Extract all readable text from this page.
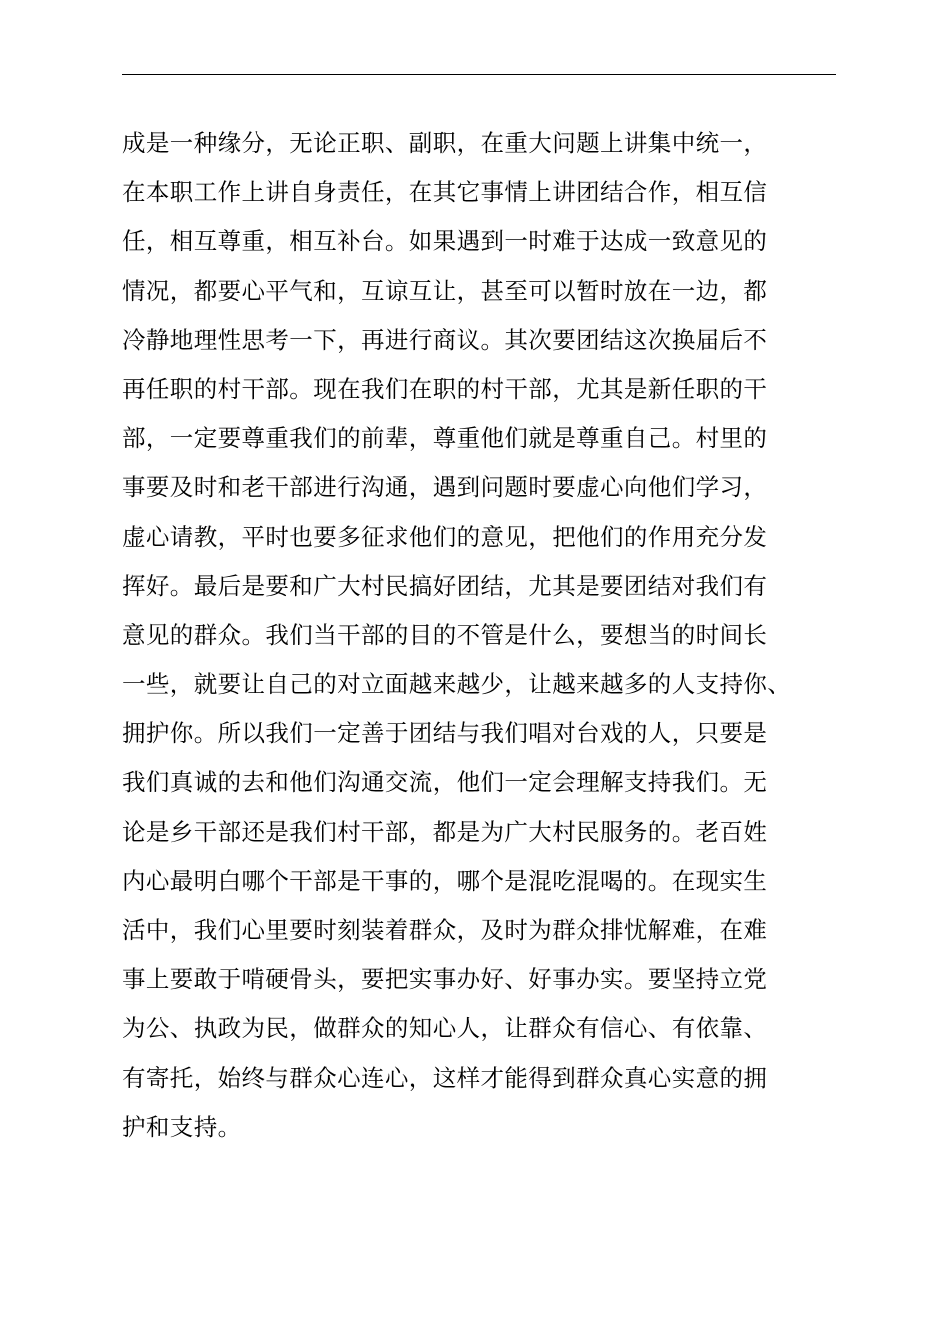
成是一种缘分，无论正职、副职，在重大问题上讲集中统一，
在本职工作上讲自身责任，在其它事情上讲团结合作，相互信
任，相互尊重，相互补台。如果遇到一时难于达成一致意见的
情况，都要心平气和，互谅互让，甚至可以暂时放在一边，都
冷静地理性思考一下，再进行商议。其次要团结这次换届后不
再任职的村干部。现在我们在职的村干部，尤其是新任职的干
部，一定要尊重我们的前辈，尊重他们就是尊重自己。村里的
事要及时和老干部进行沟通，遇到问题时要虚心向他们学习，
虚心请教，平时也要多征求他们的意见，把他们的作用充分发
挥好。最后是要和广大村民搞好团结，尤其是要团结对我们有
意见的群众。我们当干部的目的不管是什么，要想当的时间长
一些，就要让自己的对立面越来越少，让越来越多的人支持你、
拥护你。所以我们一定善于团结与我们唱对台戏的人，只要是
我们真诚的去和他们沟通交流，他们一定会理解支持我们。无
论是乡干部还是我们村干部，都是为广大村民服务的。老百姓
内心最明白哪个干部是干事的，哪个是混吃混喝的。在现实生
活中，我们心里要时刻装着群众，及时为群众排忧解难，在难
事上要敢于啃硬骨头，要把实事办好、好事办实。要坚持立党
为公、执政为民，做群众的知心人，让群众有信心、有依靠、
有寄托，始终与群众心连心，这样才能得到群众真心实意的拥
护和支持。
